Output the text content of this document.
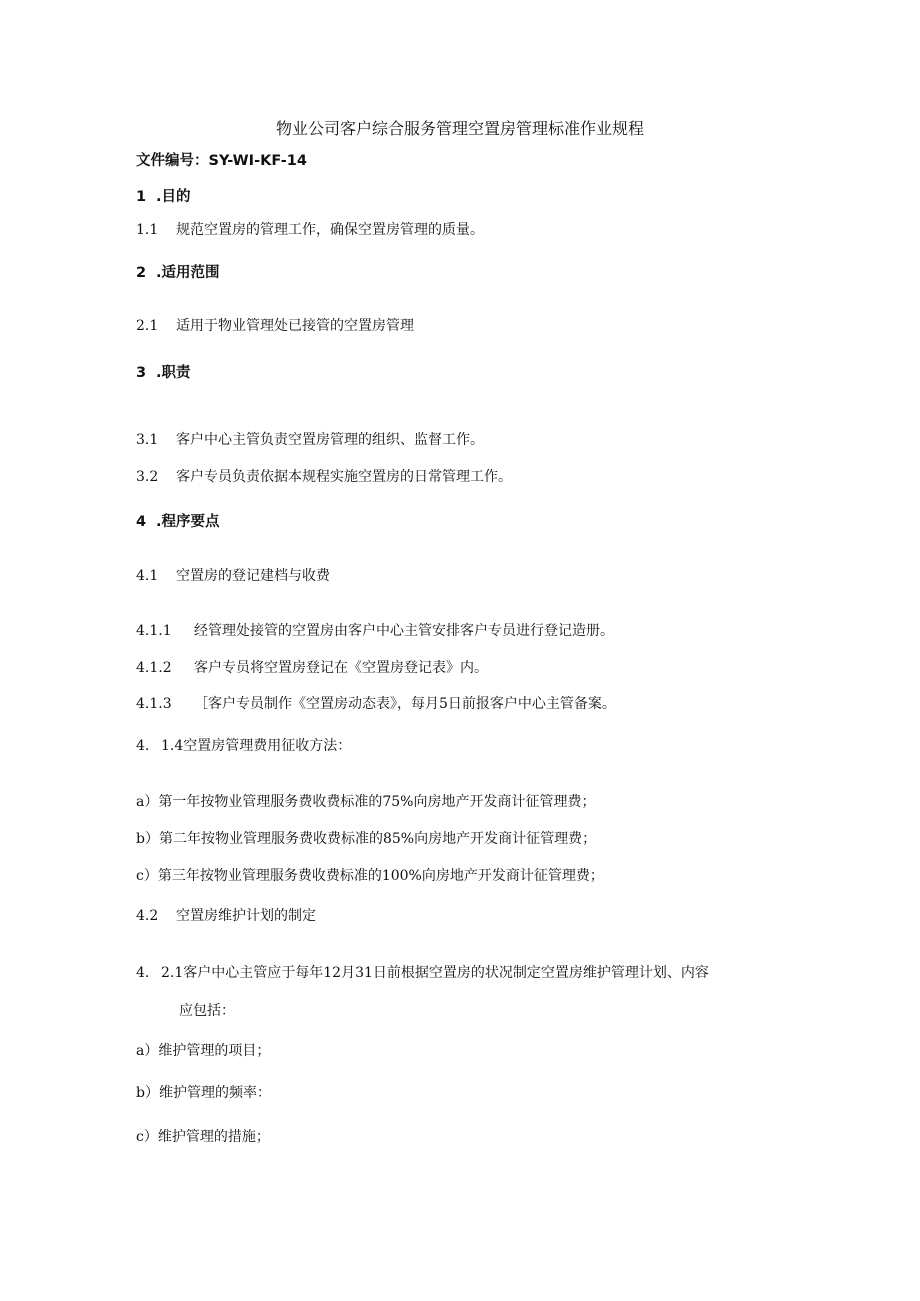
物业公司客户综合服务管理空置房管理标准作业规程
文件编号：SY-WI-KF-14
1 .目的
1.1 规范空置房的管理工作，确保空置房管理的质量。
2 .适用范围
2.1 适用于物业管理处已接管的空置房管理
3 .职责
3.1 客户中心主管负责空置房管理的组织、监督工作。
3.2 客户专员负责依据本规程实施空置房的日常管理工作。
4 .程序要点
4.1 空置房的登记建档与收费
4.1.1 经管理处接管的空置房由客户中心主管安排客户专员进行登记造册。
4.1.2 客户专员将空置房登记在《空置房登记表》内。
4.1.3 ［客户专员制作《空置房动态表》，每月5日前报客户中心主管备案。
4. 1.4空置房管理费用征收方法：
a）第一年按物业管理服务费收费标准的75%向房地产开发商计征管理费；
b）第二年按物业管理服务费收费标准的85%向房地产开发商计征管理费；
c）第三年按物业管理服务费收费标准的100%向房地产开发商计征管理费；
4.2 空置房维护计划的制定
4. 2.1客户中心主管应于每年12月31日前根据空置房的状况制定空置房维护管理计划、内容
应包括：
a）维护管理的项目；
b）维护管理的频率：
c）维护管理的措施；
